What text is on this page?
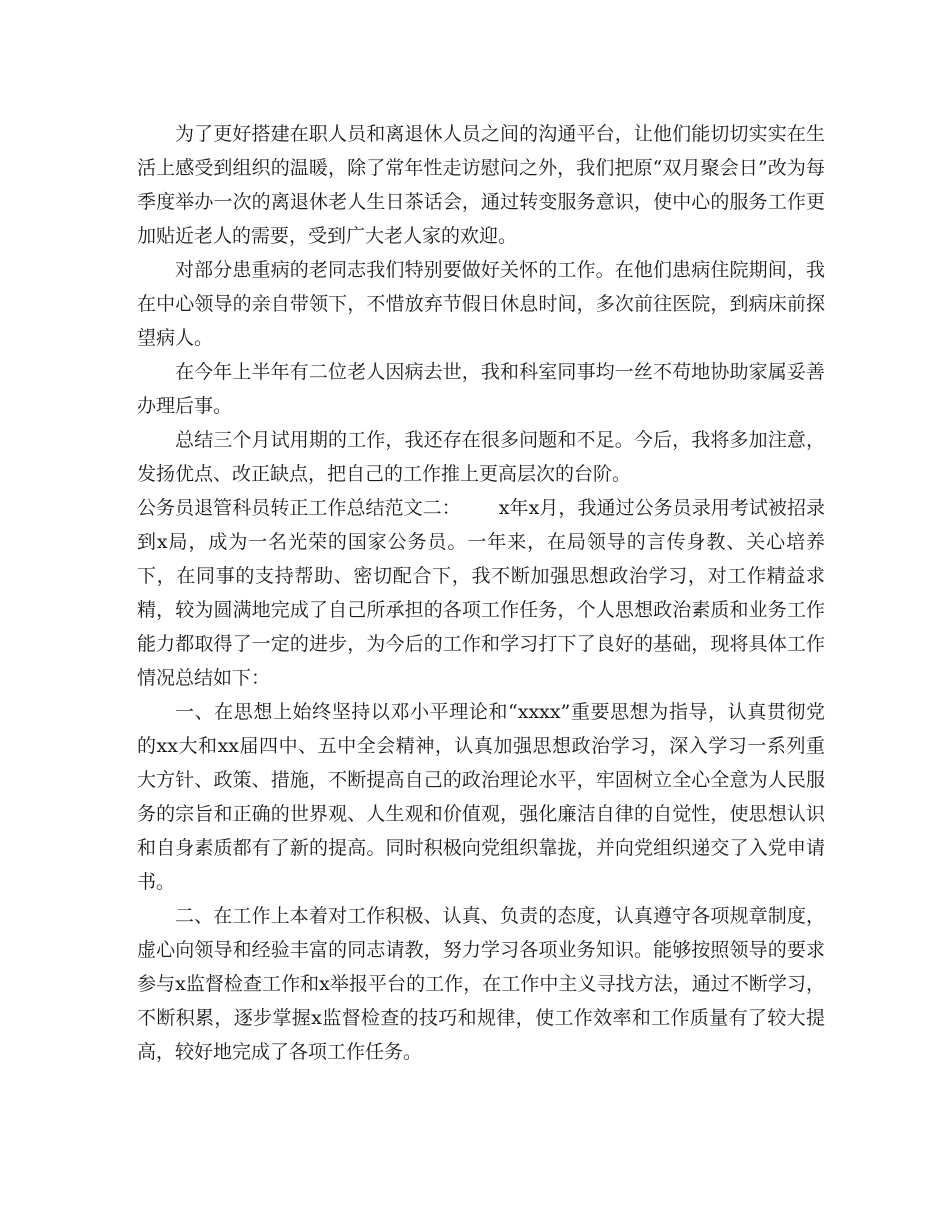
为了更好搭建在职人员和离退休人员之间的沟通平台，让他们能切切实实在生活上感受到组织的温暖，除了常年性走访慰问之外，我们把原“双月聚会日”改为每季度举办一次的离退休老人生日茶话会，通过转变服务意识，使中心的服务工作更加贴近老人的需要，受到广大老人家的欢迎。

对部分患重病的老同志我们特别要做好关怀的工作。在他们患病住院期间，我在中心领导的亲自带领下，不惜放弃节假日休息时间，多次前往医院，到病床前探望病人。

在今年上半年有二位老人因病去世，我和科室同事均一丝不苟地协助家属妥善办理后事。

总结三个月试用期的工作，我还存在很多问题和不足。今后，我将多加注意，发扬优点、改正缺点，把自己的工作推上更高层次的台阶。

公务员退管科员转正工作总结范文二： x年x月，我通过公务员录用考试被招录到x局，成为一名光荣的国家公务员。一年来，在局领导的言传身教、关心培养下，在同事的支持帮助、密切配合下，我不断加强思想政治学习，对工作精益求精，较为圆满地完成了自己所承担的各项工作任务，个人思想政治素质和业务工作能力都取得了一定的进步，为今后的工作和学习打下了良好的基础，现将具体工作情况总结如下：

一、在思想上始终坚持以邓小平理论和“xxxx”重要思想为指导，认真贯彻党的xx大和xx届四中、五中全会精神，认真加强思想政治学习，深入学习一系列重大方针、政策、措施，不断提高自己的政治理论水平，牢固树立全心全意为人民服务的宗旨和正确的世界观、人生观和价值观，强化廉洁自律的自觉性，使思想认识和自身素质都有了新的提高。同时积极向党组织靠拢，并向党组织递交了入党申请书。

二、在工作上本着对工作积极、认真、负责的态度，认真遵守各项规章制度，虚心向领导和经验丰富的同志请教，努力学习各项业务知识。能够按照领导的要求参与x监督检查工作和x举报平台的工作，在工作中主义寻找方法，通过不断学习，不断积累，逐步掌握x监督检查的技巧和规律，使工作效率和工作质量有了较大提高，较好地完成了各项工作任务。
